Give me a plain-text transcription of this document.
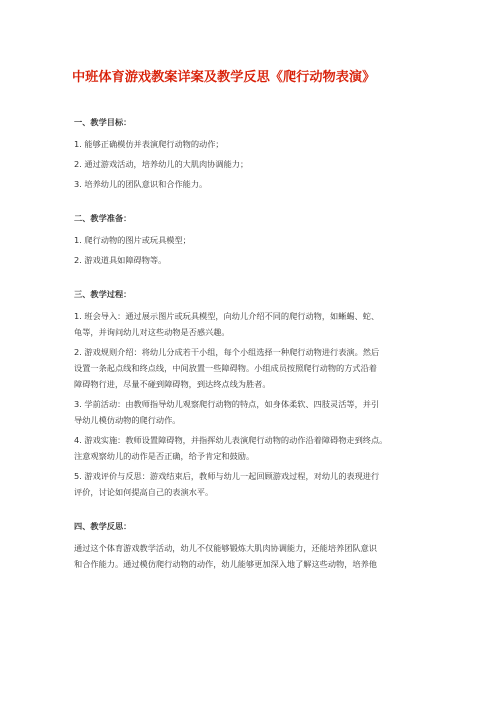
中班体育游戏教案详案及教学反思《爬行动物表演》
一、教学目标：

1. 能够正确模仿并表演爬行动物的动作；

2. 通过游戏活动，培养幼儿的大肌肉协调能力；

3. 培养幼儿的团队意识和合作能力。

二、教学准备：

1. 爬行动物的图片或玩具模型；

2. 游戏道具如障碍物等。

三、教学过程：

1. 班会导入：通过展示图片或玩具模型，向幼儿介绍不同的爬行动物，如蜥蜴、蛇、
龟等，并询问幼儿对这些动物是否感兴趣。

2. 游戏规则介绍：将幼儿分成若干小组，每个小组选择一种爬行动物进行表演。然后
设置一条起点线和终点线，中间放置一些障碍物。小组成员按照爬行动物的方式沿着
障碍物行进，尽量不碰到障碍物，到达终点线为胜者。

3. 学前活动：由教师指导幼儿观察爬行动物的特点，如身体柔软、四肢灵活等，并引
导幼儿模仿动物的爬行动作。

4. 游戏实施：教师设置障碍物，并指挥幼儿表演爬行动物的动作沿着障碍物走到终点。
注意观察幼儿的动作是否正确，给予肯定和鼓励。

5. 游戏评价与反思：游戏结束后，教师与幼儿一起回顾游戏过程，对幼儿的表现进行
评价，讨论如何提高自己的表演水平。

四、教学反思：

通过这个体育游戏教学活动，幼儿不仅能够锻炼大肌肉协调能力，还能培养团队意识
和合作能力。通过模仿爬行动物的动作，幼儿能够更加深入地了解这些动物，培养他
